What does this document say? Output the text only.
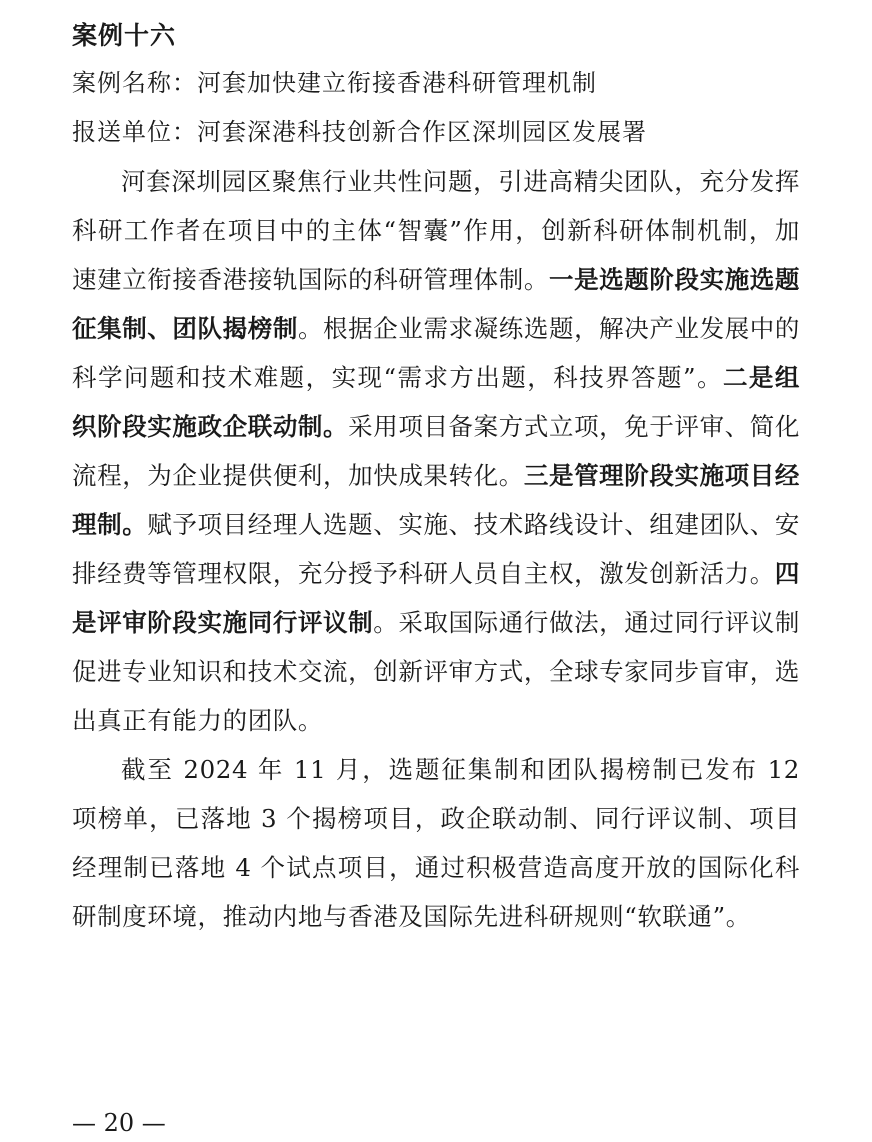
案例十六
案例名称：河套加快建立衔接香港科研管理机制
报送单位：河套深港科技创新合作区深圳园区发展署

河套深圳园区聚焦行业共性问题，引进高精尖团队，充分发挥科研工作者在项目中的主体“智囊”作用，创新科研体制机制，加速建立衔接香港接轨国际的科研管理体制。一是选题阶段实施选题征集制、团队揭榜制。根据企业需求凝练选题，解决产业发展中的科学问题和技术难题，实现“需求方出题，科技界答题”。二是组织阶段实施政企联动制。采用项目备案方式立项，免于评审、简化流程，为企业提供便利，加快成果转化。三是管理阶段实施项目经理制。赋予项目经理人选题、实施、技术路线设计、组建团队、安排经费等管理权限，充分授予科研人员自主权，激发创新活力。四是评审阶段实施同行评议制。采取国际通行做法，通过同行评议制促进专业知识和技术交流，创新评审方式，全球专家同步盲审，选出真正有能力的团队。

截至 2024 年 11 月，选题征集制和团队揭榜制已发布 12 项榜单，已落地 3 个揭榜项目，政企联动制、同行评议制、项目经理制已落地 4 个试点项目，通过积极营造高度开放的国际化科研制度环境，推动内地与香港及国际先进科研规则“软联通”。

— 20 —
